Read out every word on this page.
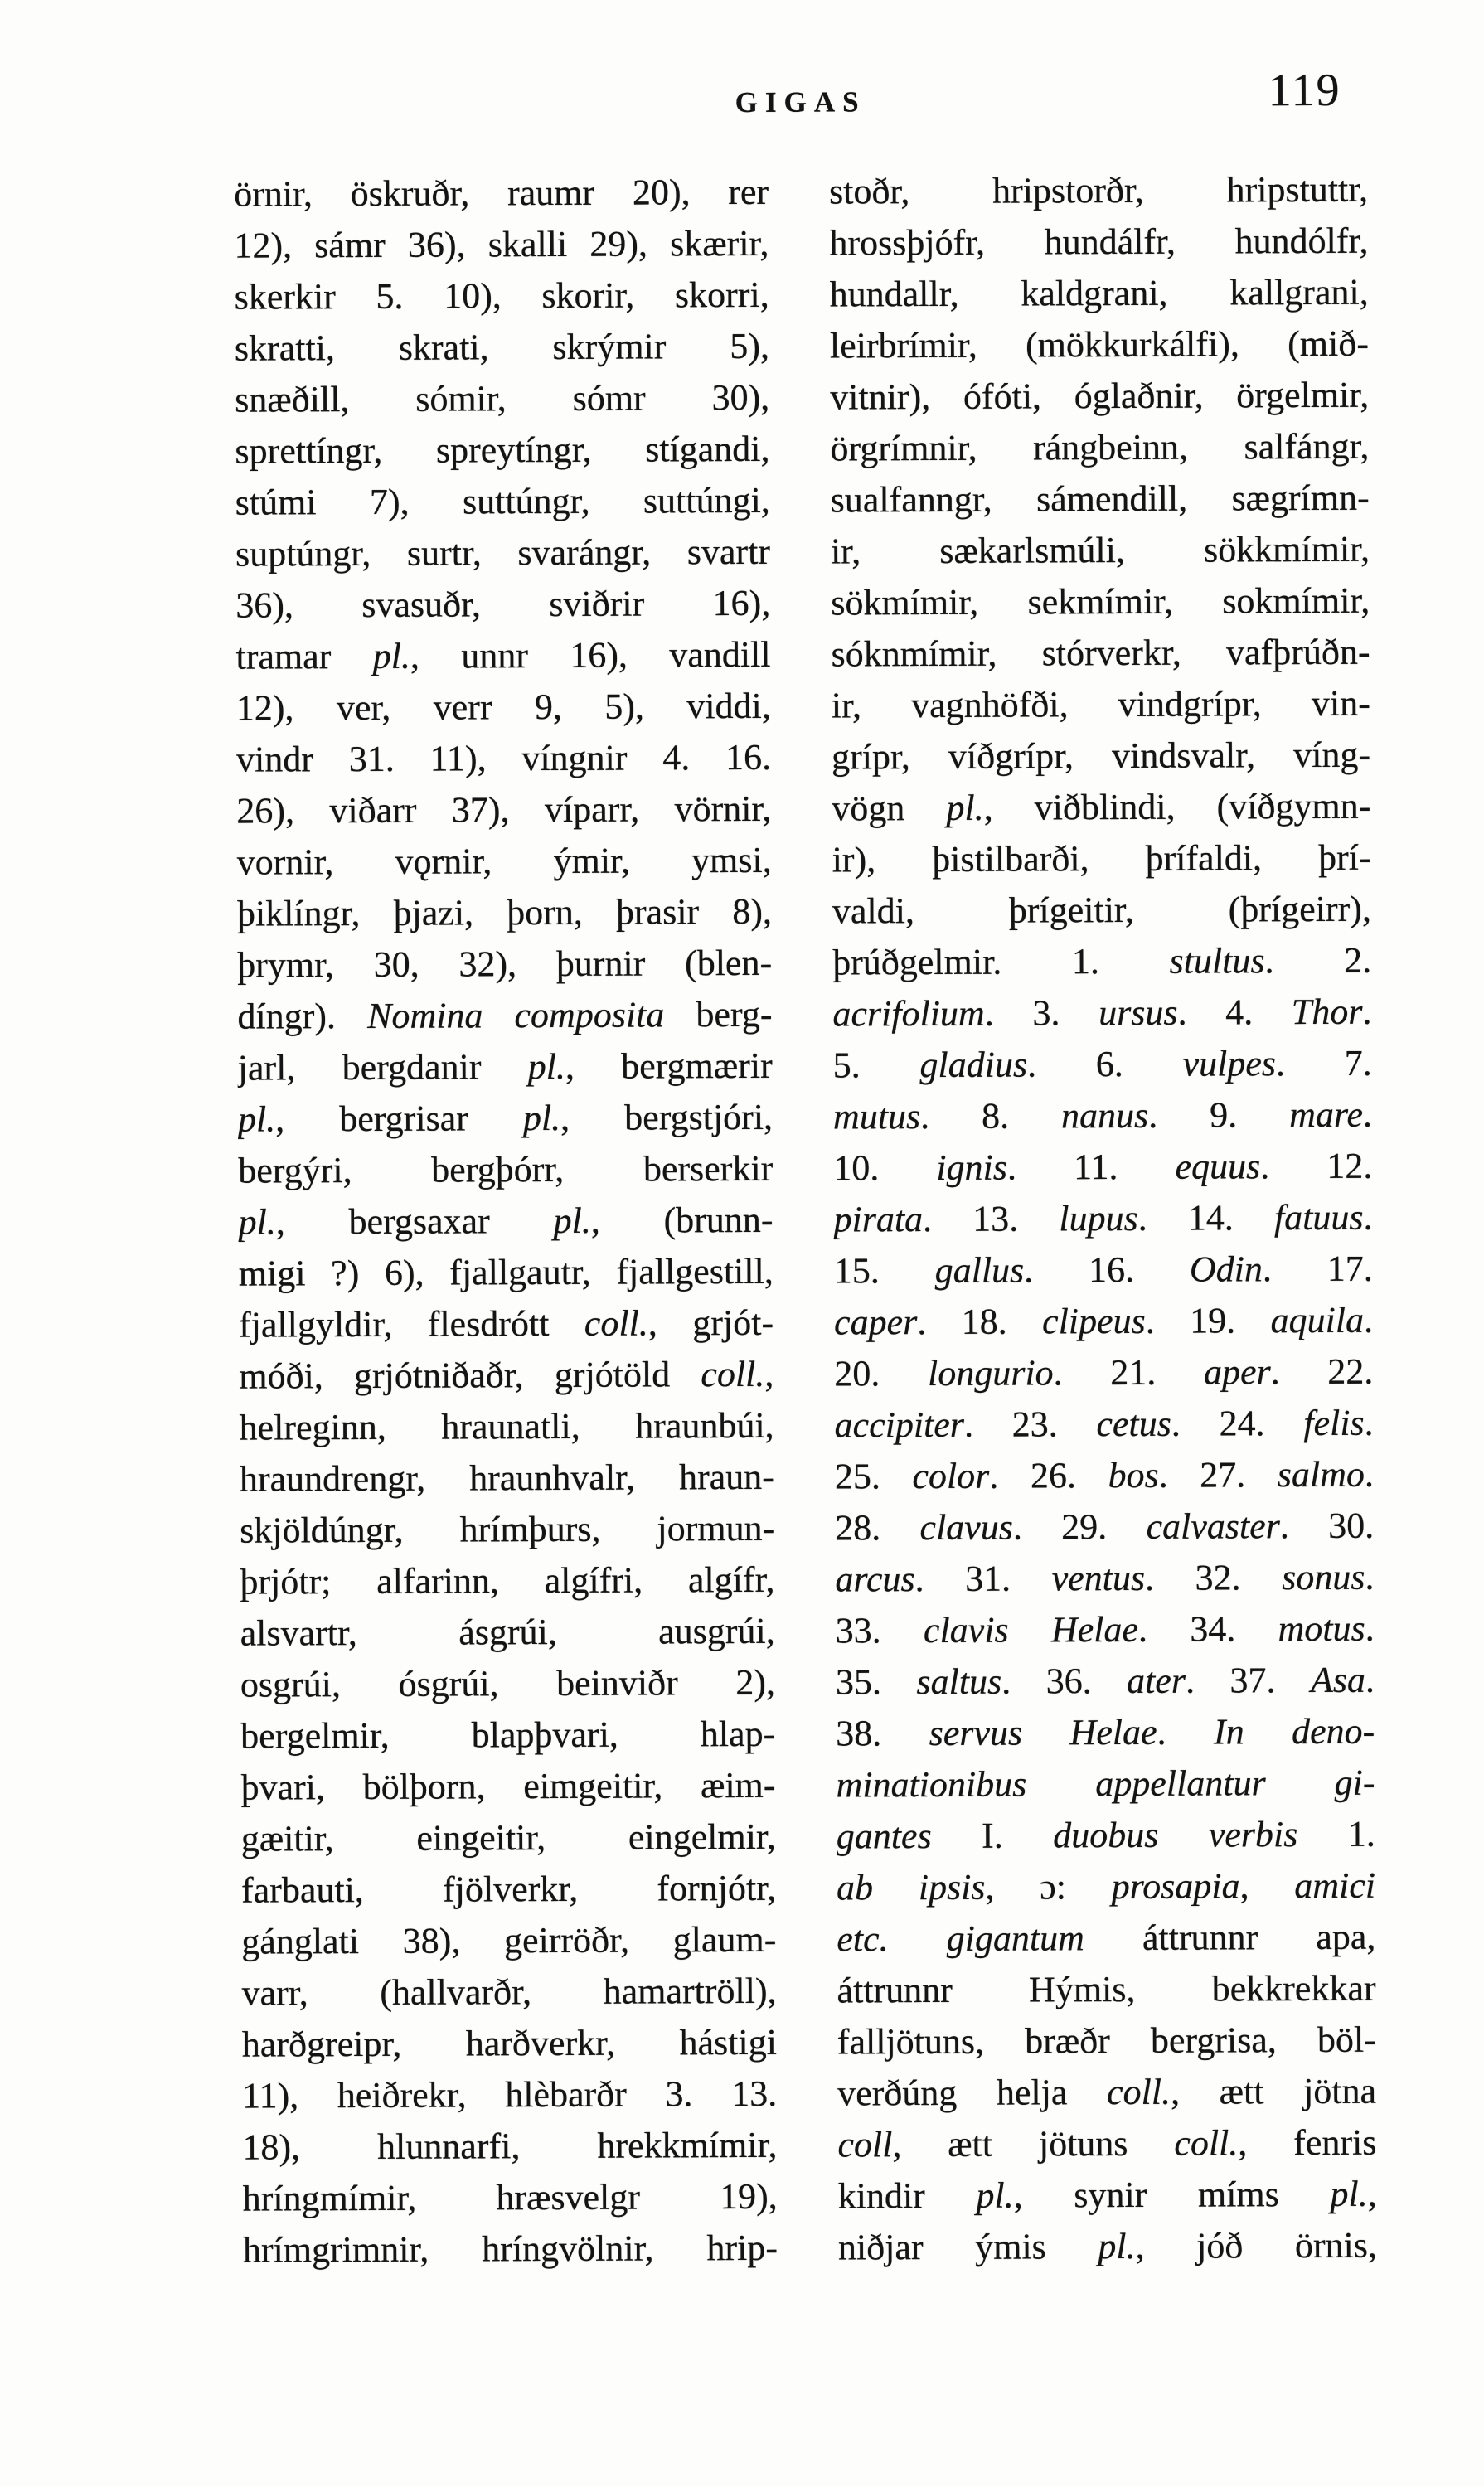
GIGAS	119
örnir, öskruðr, raumr 20), rer
12), sámr 36), skalli 29), skærir,
skerkir 5. 10), skorir, skorri,
skratti, skrati, skrýmir 5),
snæðill, sómir, sómr 30),
sprettíngr, spreytíngr, stígandi,
stúmi 7), suttúngr, suttúngi,
suptúngr, surtr, svarángr, svartr
36), svasuðr, sviðrir 16),
tramar pl., unnr 16), vandill
12), ver, verr 9, 5), viddi,
vindr 31. 11), víngnir 4. 16.
26), viðarr 37), víparr, vörnir,
vornir, vǫrnir, ýmir, ymsi,
þiklíngr, þjazi, þorn, þrasir 8),
þrymr, 30, 32), þurnir (blen-
díngr). Nomina composita berg-
jarl, bergdanir pl., bergmærir
pl., bergrisar pl., bergstjóri,
bergýri, bergþórr, berserkir
pl., bergsaxar pl., (brunn-
migi ?) 6), fjallgautr, fjallgestill,
fjallgyldir, flesdrótt coll., grjót-
móði, grjótniðaðr, grjótöld coll.,
helreginn, hraunatli, hraunbúi,
hraundrengr, hraunhvalr, hraun-
skjöldúngr, hrímþurs, jormun-
þrjótr; alfarinn, algífri, algífr,
alsvartr, ásgrúi, ausgrúi,
osgrúi, ósgrúi, beinviðr 2),
bergelmir, blapþvari, hlap-
þvari, bölþorn, eimgeitir, æim-
gæitir, eingeitir, eingelmir,
farbauti, fjölverkr, fornjótr,
gánglati 38), geirröðr, glaum-
varr, (hallvarðr, hamartröll),
harðgreipr, harðverkr, hástigi
11), heiðrekr, hlèbarðr 3. 13.
18), hlunnarfi, hrekkmímir,
hríngmímir, hræsvelgr 19),
hrímgrimnir, hríngvölnir, hrip-
stoðr, hripstorðr, hripstuttr,
hrossþjófr, hundálfr, hundólfr,
hundallr, kaldgrani, kallgrani,
leirbrímir, (mökkurkálfi), (mið-
vitnir), ófóti, óglaðnir, örgelmir,
örgrímnir, rángbeinn, salfángr,
sualfanngr, sámendill, sægrímn-
ir, sækarlsmúli, sökkmímir,
sökmímir, sekmímir, sokmímir,
sóknmímir, stórverkr, vafþrúðn-
ir, vagnhöfði, vindgrípr, vin-
grípr, víðgrípr, vindsvalr, víng-
vögn pl., viðblindi, (víðgymn-
ir), þistilbarði, þrífaldi, þrí-
valdi, þrígeitir, (þrígeirr),
þrúðgelmir. 1. stultus. 2.
acrifolium. 3. ursus. 4. Thor.
5. gladius. 6. vulpes. 7.
mutus. 8. nanus. 9. mare.
10. ignis. 11. equus. 12.
pirata. 13. lupus. 14. fatuus.
15. gallus. 16. Odin. 17.
caper. 18. clipeus. 19. aquila.
20. longurio. 21. aper. 22.
accipiter. 23. cetus. 24. felis.
25. color. 26. bos. 27. salmo.
28. clavus. 29. calvaster. 30.
arcus. 31. ventus. 32. sonus.
33. clavis Helae. 34. motus.
35. saltus. 36. ater. 37. Asa.
38. servus Helae. In deno-
minationibus appellantur gi-
gantes I. duobus verbis 1.
ab ipsis, ɔ: prosapia, amici
etc. gigantum áttrunnr apa,
áttrunnr Hýmis, bekkrekkar
falljötuns, bræðr bergrisa, böl-
verðúng helja coll., ætt jötna
coll, ætt jötuns coll., fenris
kindir pl., synir míms pl.,
niðjar ýmis pl., jóð örnis,
